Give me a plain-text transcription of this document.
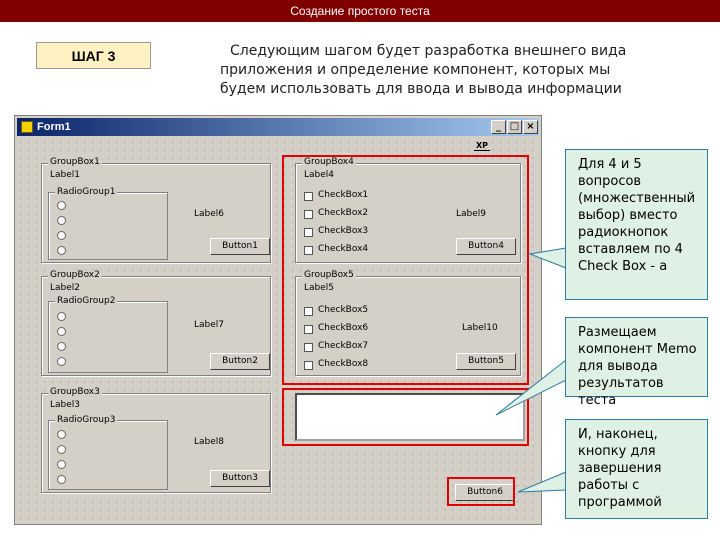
Создание простого теста
ШАГ 3	Следующим шагом будет разработка внешнего вида приложения и определение компонент, которых мы будем использовать для ввода и вывода информации
Form1	_ □ ×
XP
GroupBox1
Label1
RadioGroup1
Label6
Button1
GroupBox2
Label2
RadioGroup2
Label7
Button2
GroupBox3
Label3
RadioGroup3
Label8
Button3
GroupBox4
Label4
CheckBox1
CheckBox2
CheckBox3
CheckBox4
Label9
Button4
GroupBox5
Label5
CheckBox5
CheckBox6
CheckBox7
CheckBox8
Label10
Button5
Button6
Для 4 и 5 вопросов (множественный выбор) вместо радиокнопок вставляем по 4 Check Box - а
Размещаем компонент Memo для вывода результатов теста
И, наконец, кнопку для завершения работы с программой
